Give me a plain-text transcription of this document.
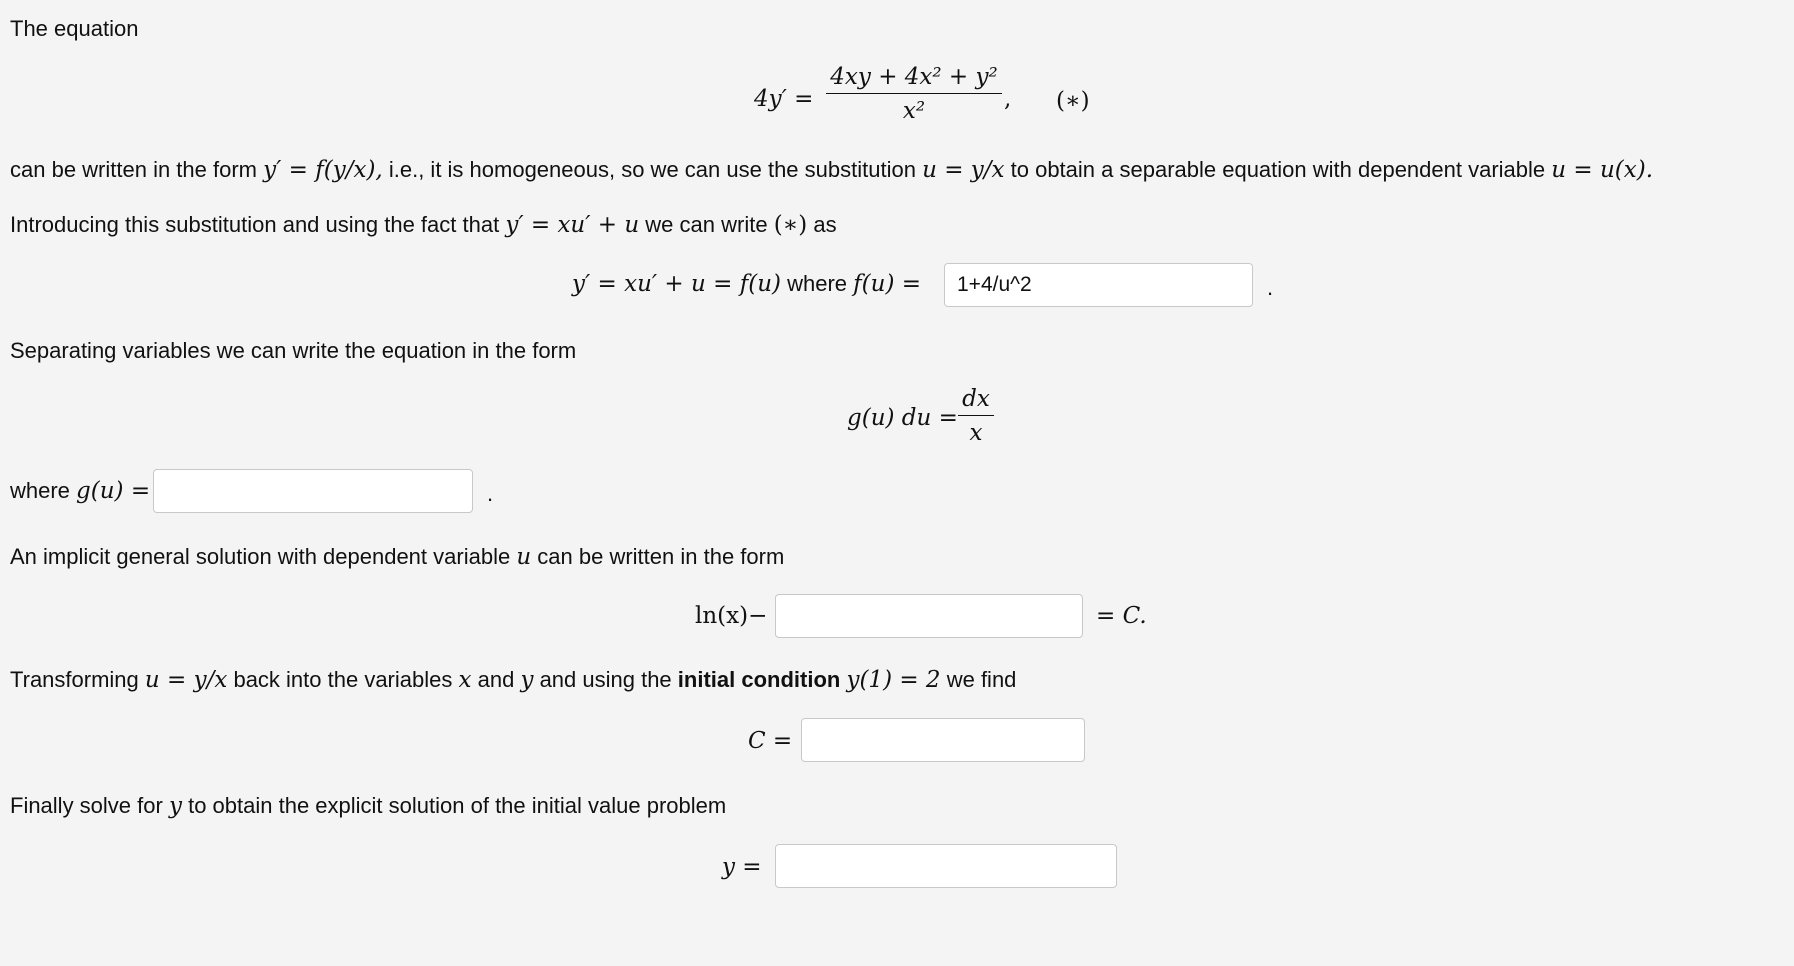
The equation
4y′ =
4xy + 4x² + y²
x²	, (∗)
can be written in the form y′ = f(y/x), i.e., it is homogeneous, so we can use the substitution u = y/x to obtain a separable equation with dependent variable u = u(x).
Introducing this substitution and using the fact that y′ = xu′ + u we can write (∗) as
y′ = xu′ + u = f(u) where f(u) =
1+4/u^2	.
Separating variables we can write the equation in the form
g(u) du =
dx
x
where g(u) =	.
An implicit general solution with dependent variable u can be written in the form
ln(x)−	= C.
Transforming u = y/x back into the variables x and y and using the initial condition y(1) = 2 we find
C =
Finally solve for y to obtain the explicit solution of the initial value problem
y =
